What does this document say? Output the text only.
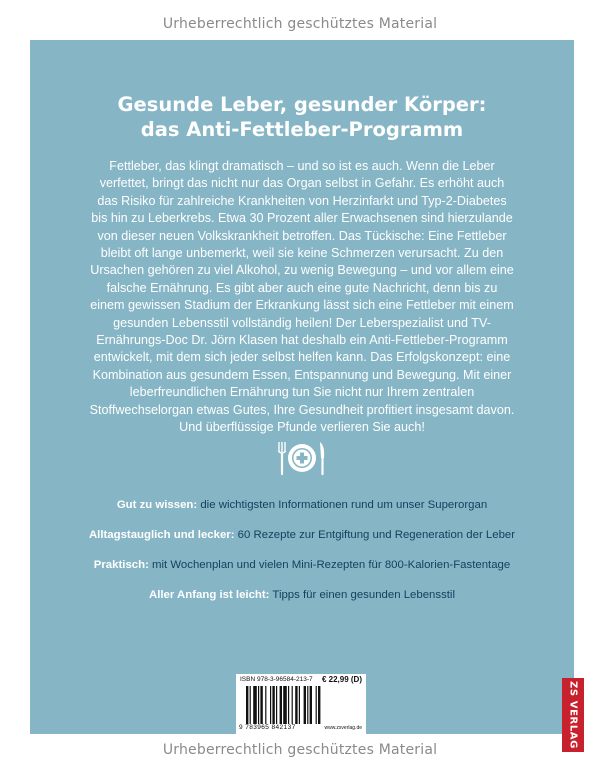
Urheberrechtlich geschütztes Material
Gesunde Leber, gesunder Körper:
das Anti-Fettleber-Programm
Fettleber, das klingt dramatisch – und so ist es auch. Wenn die Leber verfettet, bringt das nicht nur das Organ selbst in Gefahr. Es erhöht auch das Risiko für zahlreiche Krankheiten von Herzinfarkt und Typ-2-Diabetes bis hin zu Leberkrebs. Etwa 30 Prozent aller Erwachsenen sind hierzulande von dieser neuen Volkskrankheit betroffen. Das Tückische: Eine Fettleber bleibt oft lange unbemerkt, weil sie keine Schmerzen verursacht. Zu den Ursachen gehören zu viel Alkohol, zu wenig Bewegung – und vor allem eine falsche Ernährung. Es gibt aber auch eine gute Nachricht, denn bis zu einem gewissen Stadium der Erkrankung lässt sich eine Fettleber mit einem gesunden Lebensstil vollständig heilen! Der Leberspezialist und TV-Ernährungs-Doc Dr. Jörn Klasen hat deshalb ein Anti-Fettleber-Programm entwickelt, mit dem sich jeder selbst helfen kann. Das Erfolgskonzept: eine Kombination aus gesundem Essen, Entspannung und Bewegung. Mit einer leberfreundlichen Ernährung tun Sie nicht nur Ihrem zentralen Stoffwechselorgan etwas Gutes, Ihre Gesundheit profitiert insgesamt davon. Und überflüssige Pfunde verlieren Sie auch!
Gut zu wissen: die wichtigsten Informationen rund um unser Superorgan
Alltagstauglich und lecker: 60 Rezepte zur Entgiftung und Regeneration der Leber
Praktisch: mit Wochenplan und vielen Mini-Rezepten für 800-Kalorien-Fastentage
Aller Anfang ist leicht: Tipps für einen gesunden Lebensstil
ISBN 978-3-96584-213-7 € 22,99 (D)
9 783965 842137	www.zsverlag.de	ZS VERLAG
Urheberrechtlich geschütztes Material
